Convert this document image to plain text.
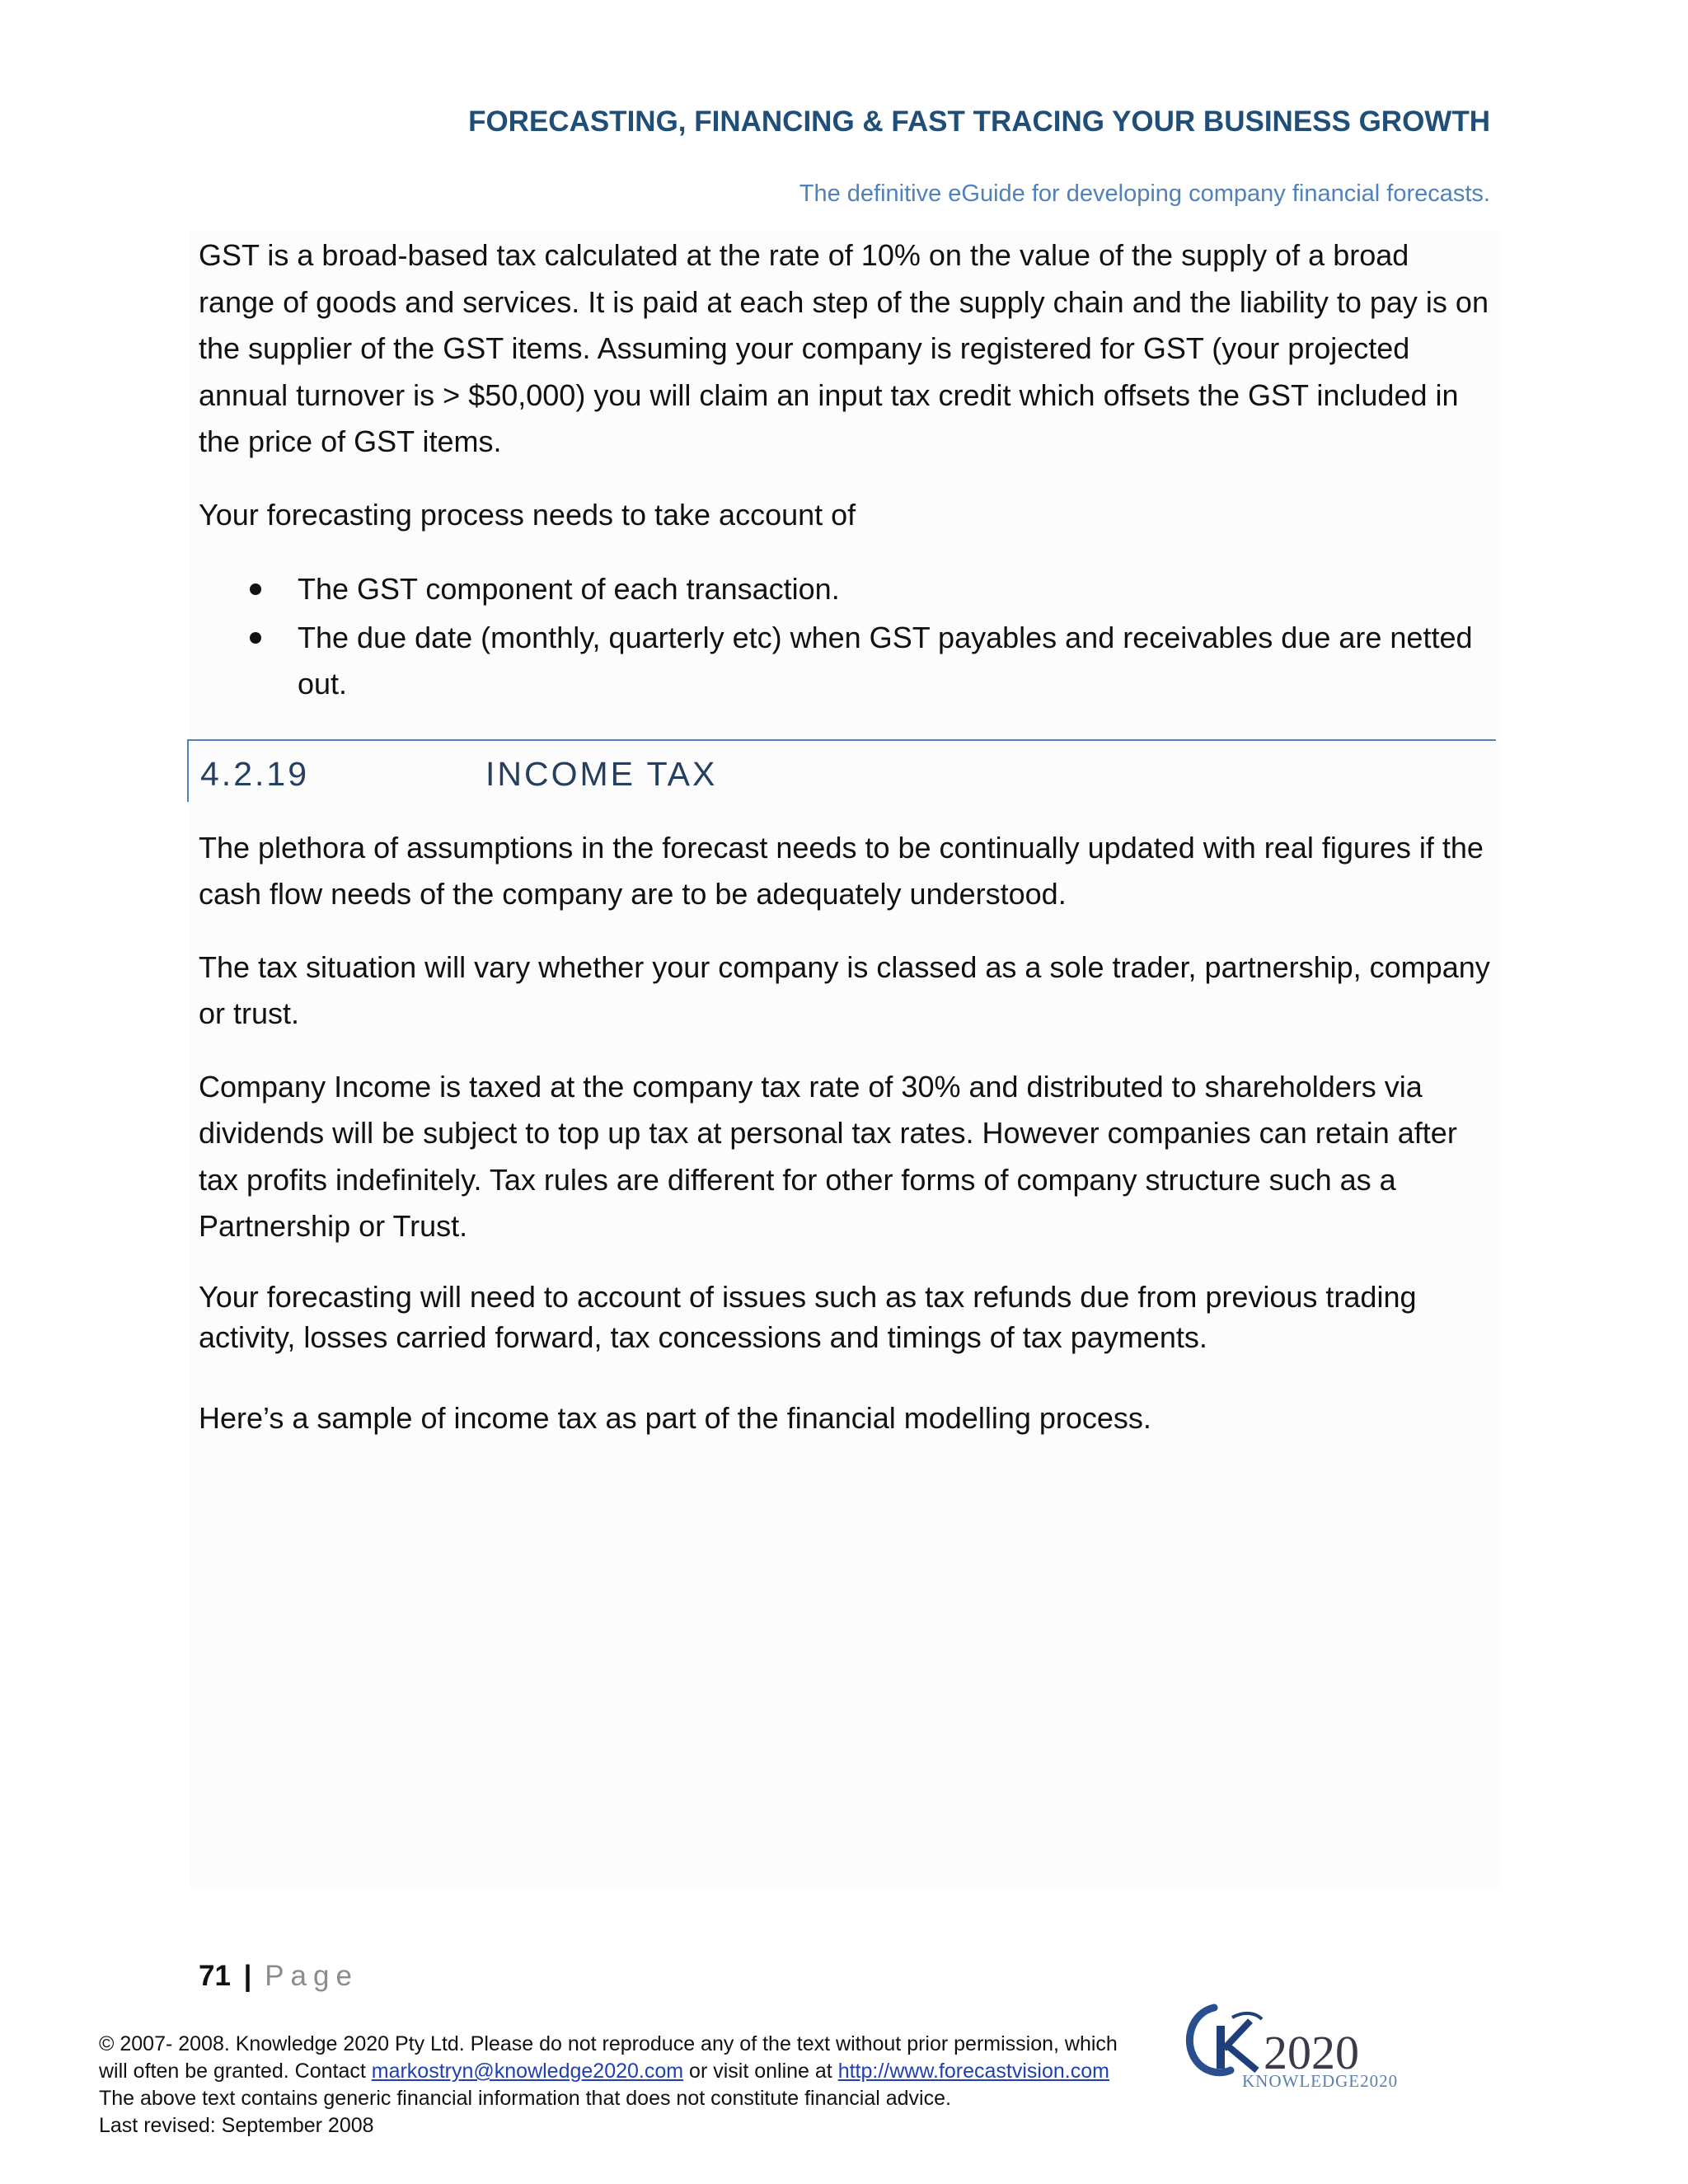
FORECASTING, FINANCING & FAST TRACING YOUR BUSINESS GROWTH
The definitive eGuide for developing company financial forecasts.

GST is a broad-based tax calculated at the rate of 10% on the value of the supply of a broad range of goods and services. It is paid at each step of the supply chain and the liability to pay is on the supplier of the GST items. Assuming your company is registered for GST (your projected annual turnover is > $50,000) you will claim an input tax credit which offsets the GST included in the price of GST items.

Your forecasting process needs to take account of

The GST component of each transaction.
The due date (monthly, quarterly etc) when GST payables and receivables due are netted out.
4.2.19	INCOME TAX

The plethora of assumptions in the forecast needs to be continually updated with real figures if the cash flow needs of the company are to be adequately understood.

The tax situation will vary whether your company is classed as a sole trader, partnership, company or trust.

Company Income is taxed at the company tax rate of 30% and distributed to shareholders via dividends will be subject to top up tax at personal tax rates. However companies can retain after tax profits indefinitely. Tax rules are different for other forms of company structure such as a Partnership or Trust.

Your forecasting will need to account of issues such as tax refunds due from previous trading activity, losses carried forward, tax concessions and timings of tax payments.

Here’s a sample of income tax as part of the financial modelling process.

71 | Page
© 2007- 2008. Knowledge 2020 Pty Ltd. Please do not reproduce any of the text without prior permission, which
will often be granted. Contact markostryn@knowledge2020.com or visit online at http://www.forecastvision.com
The above text contains generic financial information that does not constitute financial advice.
Last revised: September 2008
2020
KNOWLEDGE2020
